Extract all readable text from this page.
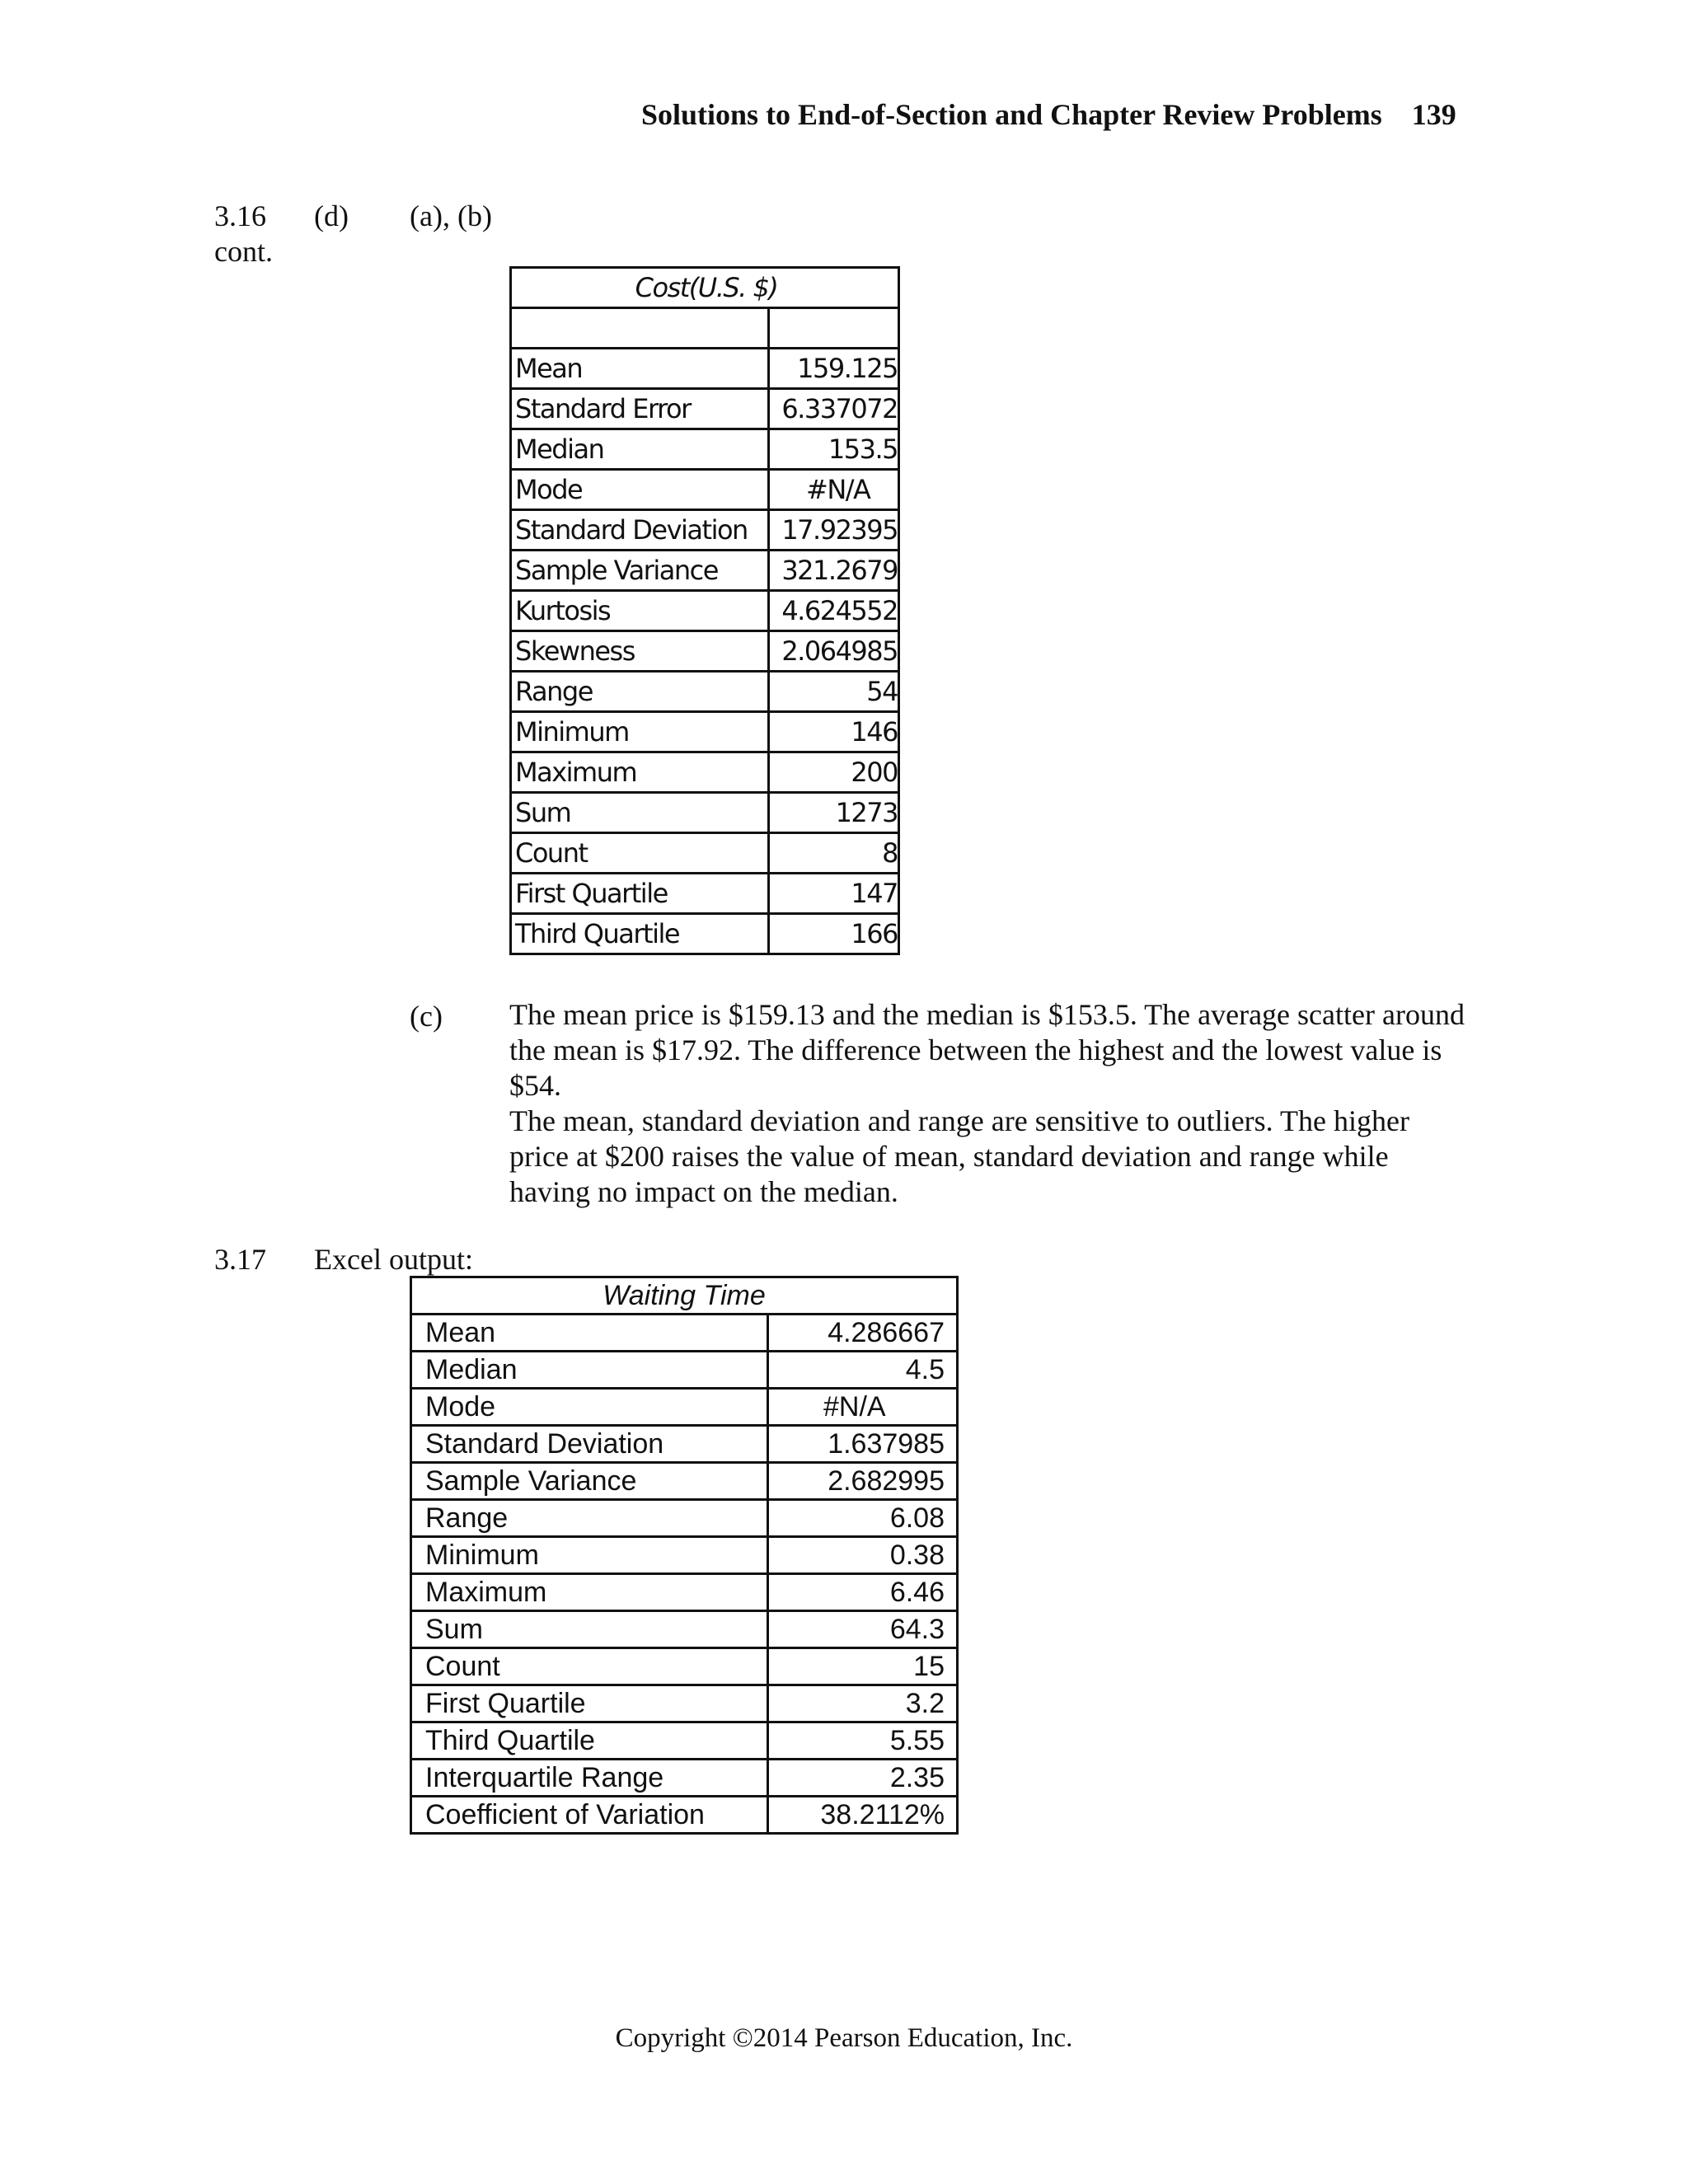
Solutions to End-of-Section and Chapter Review Problems 139
3.16
cont.
(d) (a), (b)
Cost(U.S. $)	

Mean	159.125
Standard Error	6.337072
Median	153.5
Mode	#N/A
Standard Deviation	17.92395
Sample Variance	321.2679
Kurtosis	4.624552
Skewness	2.064985
Range	54
Minimum	146
Maximum	200
Sum	1273
Count	8
First Quartile	147
Third Quartile	166
(c) The mean price is $159.13 and the median is $153.5. The average scatter around the mean is $17.92. The difference between the highest and the lowest value is $54.

The mean, standard deviation and range are sensitive to outliers. The higher price at $200 raises the value of mean, standard deviation and range while having no impact on the median.

3.17 Excel output:
Waiting Time	
Mean	4.286667
Median	4.5
Mode	#N/A
Standard Deviation	1.637985
Sample Variance	2.682995
Range	6.08
Minimum	0.38
Maximum	6.46
Sum	64.3
Count	15
First Quartile	3.2
Third Quartile	5.55
Interquartile Range	2.35
Coefficient of Variation	38.2112%
Copyright ©2014 Pearson Education, Inc.
